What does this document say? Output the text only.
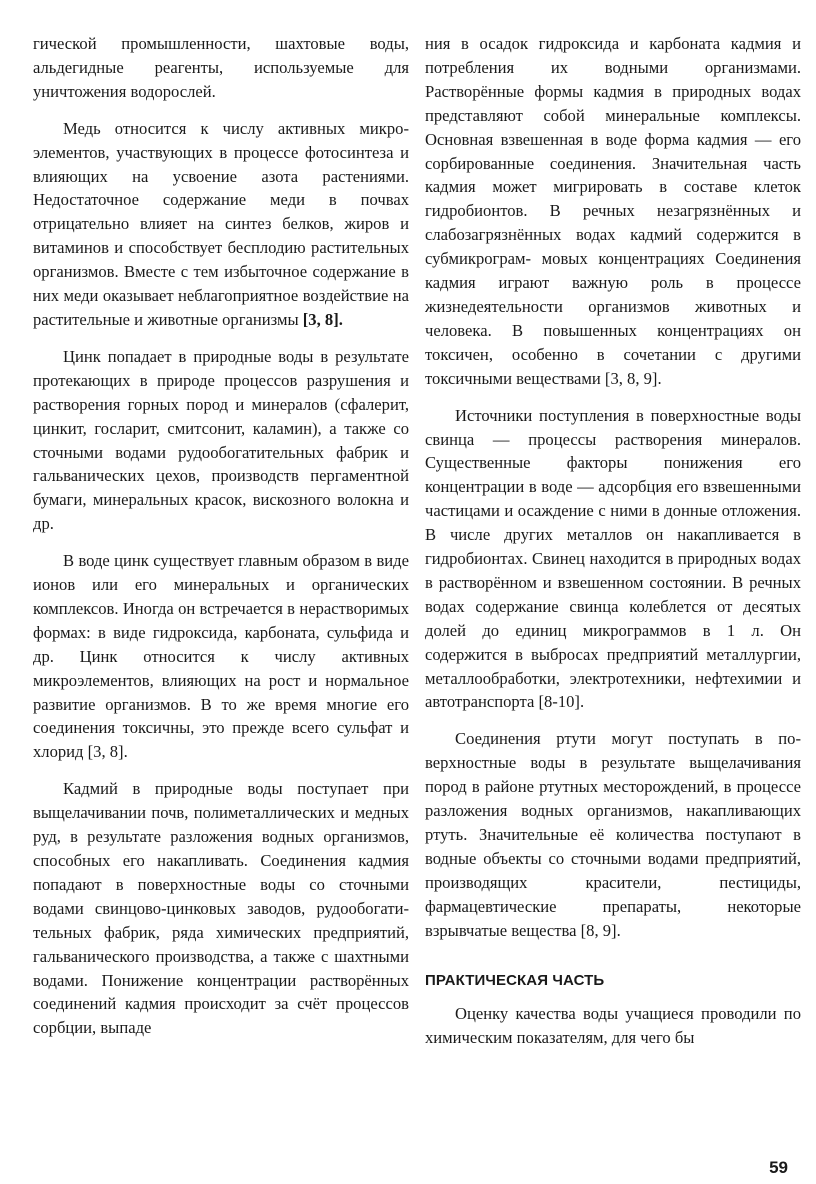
гической промышленности, шахтовые воды, альдегидные реагенты, используемые для уничтожения водорослей.

Медь относится к числу активных микроэлементов, участвующих в процессе фотосинтеза и влияющих на усвоение азота растениями. Недостаточное содержание меди в почвах отрицательно влияет на синтез белков, жиров и витаминов и способствует бесплодию растительных организмов. Вместе с тем избыточное содержание в них меди оказывает неблагоприятное воздействие на растительные и животные организмы [3, 8].

Цинк попадает в природные воды в результате протекающих в природе процессов разрушения и растворения горных пород и минералов (сфалерит, цинкит, госларит, смитсонит, каламин), а также со сточными водами рудообогатительных фабрик и гальванических цехов, производств пергаментной бумаги, минеральных красок, вискозного волокна и др.

В воде цинк существует главным образом в виде ионов или его минеральных и органических комплексов. Иногда он встречается в нерастворимых формах: в виде гидроксида, карбоната, сульфида и др. Цинк относится к числу активных микроэлементов, влияющих на рост и нормальное развитие организмов. В то же время многие его соединения токсичны, это прежде всего сульфат и хлорид [3, 8].

Кадмий в природные воды поступает при выщелачивании почв, полиметаллических и медных руд, в результате разложения водных организмов, способных его накапливать. Соединения кадмия попадают в поверхностные воды со сточными водами свинцово-цинковых заводов, рудообогатительных фабрик, ряда химических предприятий, гальванического производства, а также с шахтными водами. Понижение концентрации растворённых соединений кадмия происходит за счёт процессов сорбции, выпаде

ния в осадок гидроксида и карбоната кадмия и потребления их водными организмами. Растворённые формы кадмия в природных водах представляют собой минеральные комплексы. Основная взвешенная в воде форма кадмия — его сорбированные соединения. Значительная часть кадмия может мигрировать в составе клеток гидробионтов. В речных незагрязнённых и слабозагрязнённых водах кадмий содержится в субмикрограм- мовых концентрациях Соединения кадмия играют важную роль в процессе жизнедеятельности организмов животных и человека. В повышенных концентрациях он токсичен, особенно в сочетании с другими токсичными веществами [3, 8, 9].

Источники поступления в поверхностные воды свинца — процессы растворения минералов. Существенные факторы понижения его концентрации в воде — адсорбция его взвешенными частицами и осаждение с ними в донные отложения. В числе других металлов он накапливается в гидробионтах. Свинец находится в природных водах в растворённом и взвешенном состоянии. В речных водах содержание свинца колеблется от десятых долей до единиц микрограммов в 1 л. Он содержится в выбросах предприятий металлургии, металлообработки, электротехники, нефтехимии и автотранспорта [8-10].

Соединения ртути могут поступать в поверхностные воды в результате выщелачивания пород в районе ртутных месторождений, в процессе разложения водных организмов, накапливающих ртуть. Значительные её количества поступают в водные объекты со сточными водами предприятий, производящих красители, пестициды, фармацевтические препараты, некоторые взрывчатые вещества [8, 9].

ПРАКТИЧЕСКАЯ ЧАСТЬ

Оценку качества воды учащиеся проводили по химическим показателям, для чего бы

59
